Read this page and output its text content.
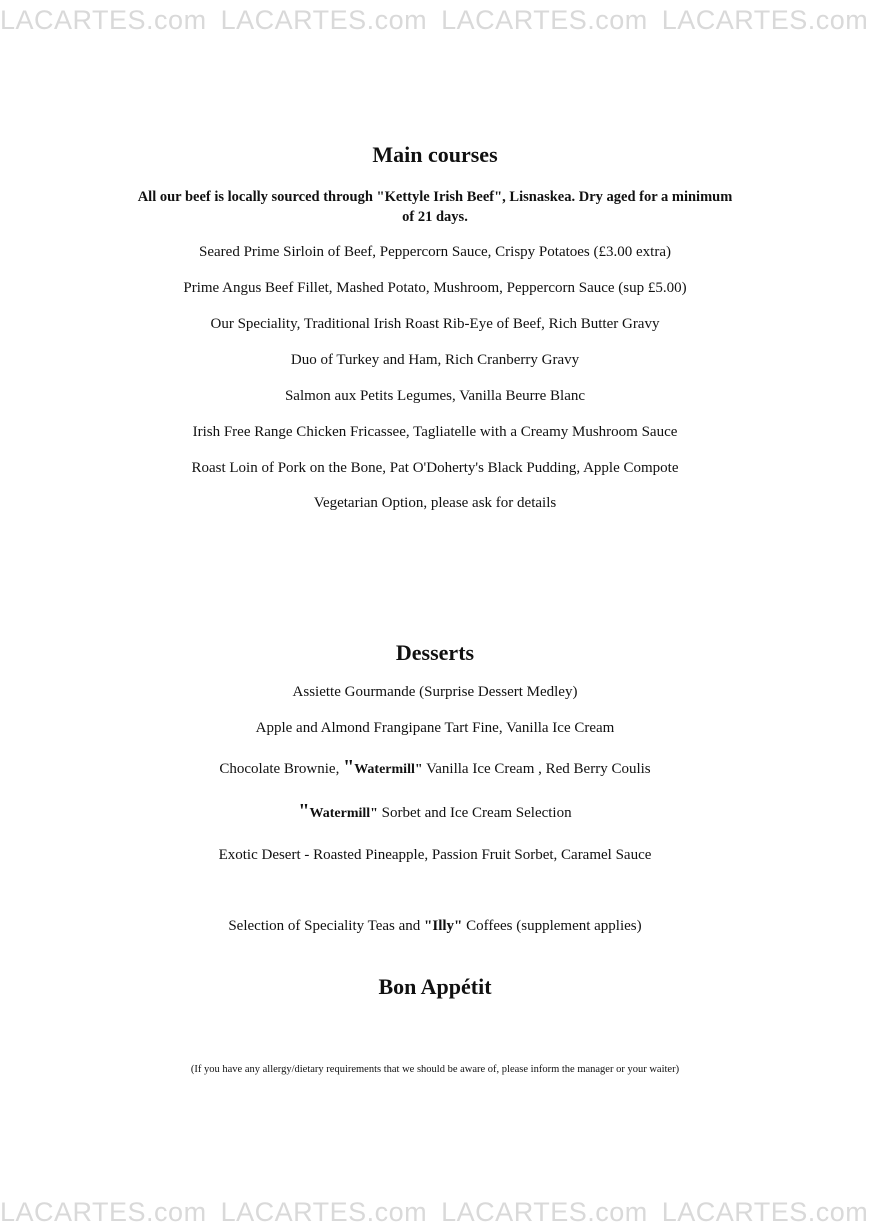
LACARTES.com LACARTES.com LACARTES.com LACARTES.com
LACARTES.com LACARTES.com LACARTES.com LACARTES.com
Main courses
All our beef is locally sourced through "Kettyle Irish Beef", Lisnaskea. Dry aged for a minimum
of 21 days.
Seared Prime Sirloin of Beef, Peppercorn Sauce, Crispy Potatoes (£3.00 extra)
Prime Angus Beef Fillet, Mashed Potato, Mushroom, Peppercorn Sauce (sup £5.00)
Our Speciality, Traditional Irish Roast Rib-Eye of Beef, Rich Butter Gravy
Duo of Turkey and Ham, Rich Cranberry Gravy
Salmon aux Petits Legumes, Vanilla Beurre Blanc
Irish Free Range Chicken Fricassee, Tagliatelle with a Creamy Mushroom Sauce
Roast Loin of Pork on the Bone, Pat O'Doherty's Black Pudding, Apple Compote
Vegetarian Option, please ask for details
Desserts
Assiette Gourmande (Surprise Dessert Medley)
Apple and Almond Frangipane Tart Fine, Vanilla Ice Cream
Chocolate Brownie, "Watermill" Vanilla Ice Cream , Red Berry Coulis
"Watermill" Sorbet and Ice Cream Selection
Exotic Desert - Roasted Pineapple, Passion Fruit Sorbet, Caramel Sauce
Selection of Speciality Teas and "Illy" Coffees (supplement applies)
Bon Appétit
(If you have any allergy/dietary requirements that we should be aware of, please inform the manager or your waiter)
